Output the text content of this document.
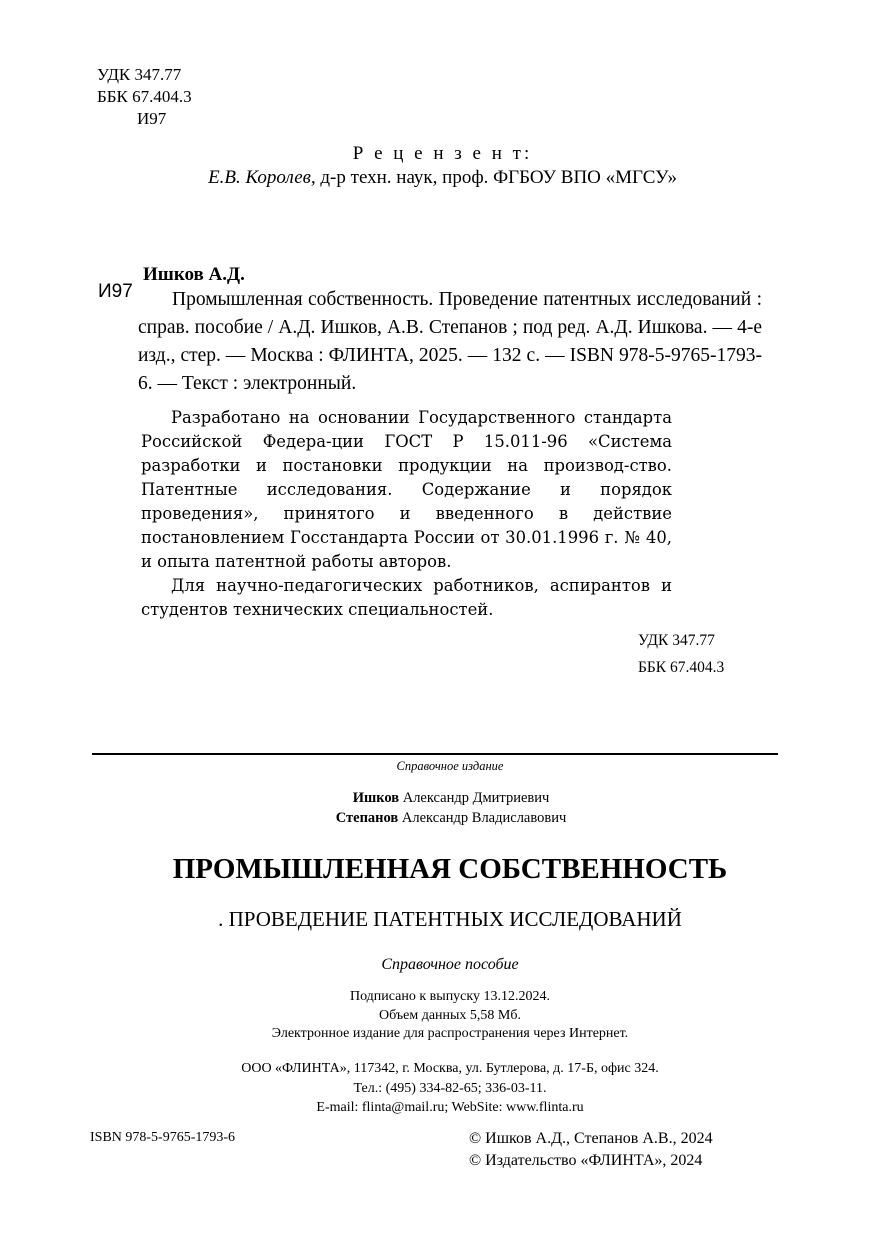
УДК 347.77
ББК 67.404.3
И97
Р е ц е н з е н т:
Е.В. Королев, д-р техн. наук, проф. ФГБОУ ВПО «МГСУ»
И97
Ишков А.Д.
Промышленная собственность. Проведение патентных исследований : справ. пособие / А.Д. Ишков, А.В. Степанов ; под ред. А.Д. Ишкова. — 4-е изд., стер. — Москва : ФЛИНТА, 2025. — 132 с. — ISBN 978-5-9765-1793-6. — Текст : электронный.

Разработано на основании Государственного стандарта Российской Федера-ции ГОСТ Р 15.011-96 «Система разработки и постановки продукции на производ-ство. Патентные исследования. Содержание и порядок проведения», принятого и введенного в действие постановлением Госстандарта России от 30.01.1996 г. № 40, и опыта патентной работы авторов.

Для научно-педагогических работников, аспирантов и студентов технических специальностей.

УДК 347.77
ББК 67.404.3
Справочное издание
Ишков Александр Дмитриевич
Степанов Александр Владиславович
ПРОМЫШЛЕННАЯ СОБСТВЕННОСТЬ
. ПРОВЕДЕНИЕ ПАТЕНТНЫХ ИССЛЕДОВАНИЙ
Справочное пособие
Подписано к выпуску 13.12.2024.
Объем данных 5,58 Мб.
Электронное издание для распространения через Интернет.
ООО «ФЛИНТА», 117342, г. Москва, ул. Бутлерова, д. 17-Б, офис 324.
Тел.: (495) 334-82-65; 336-03-11.
E-mail: flinta@mail.ru; WebSite: www.flinta.ru
ISBN 978-5-9765-1793-6	© Ишков А.Д., Степанов А.В., 2024
© Издательство «ФЛИНТА», 2024
